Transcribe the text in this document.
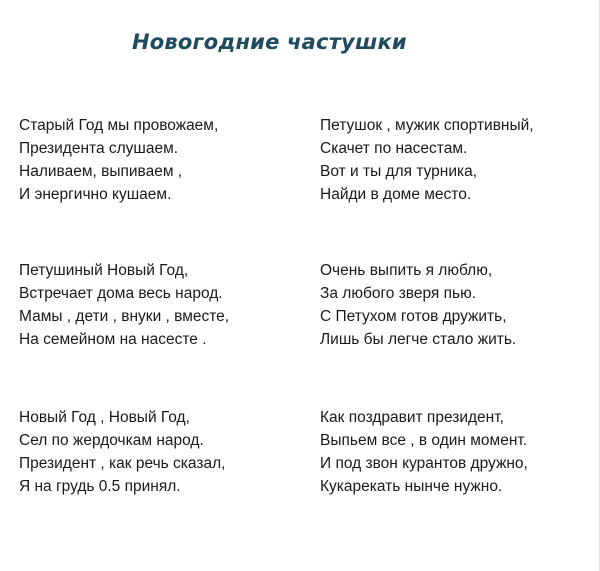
Новогодние частушки
Старый Год мы провожаем,
Президента слушаем.
Наливаем, выпиваем ,
И энергично кушаем.
Петушок , мужик спортивный,
Скачет по насестам.
Вот и ты для турника,
Найди в доме место.
Петушиный Новый Год,
Встречает дома весь народ.
Мамы , дети , внуки , вместе,
На семейном на насесте .
Очень выпить я люблю,
За любого зверя пью.
С Петухом готов дружить,
Лишь бы легче стало жить.
Новый Год , Новый Год,
Сел по жердочкам народ.
Президент , как речь сказал,
Я на грудь 0.5 принял.
Как поздравит президент,
Выпьем все , в один момент.
И под звон курантов дружно,
Кукарекать нынче нужно.
